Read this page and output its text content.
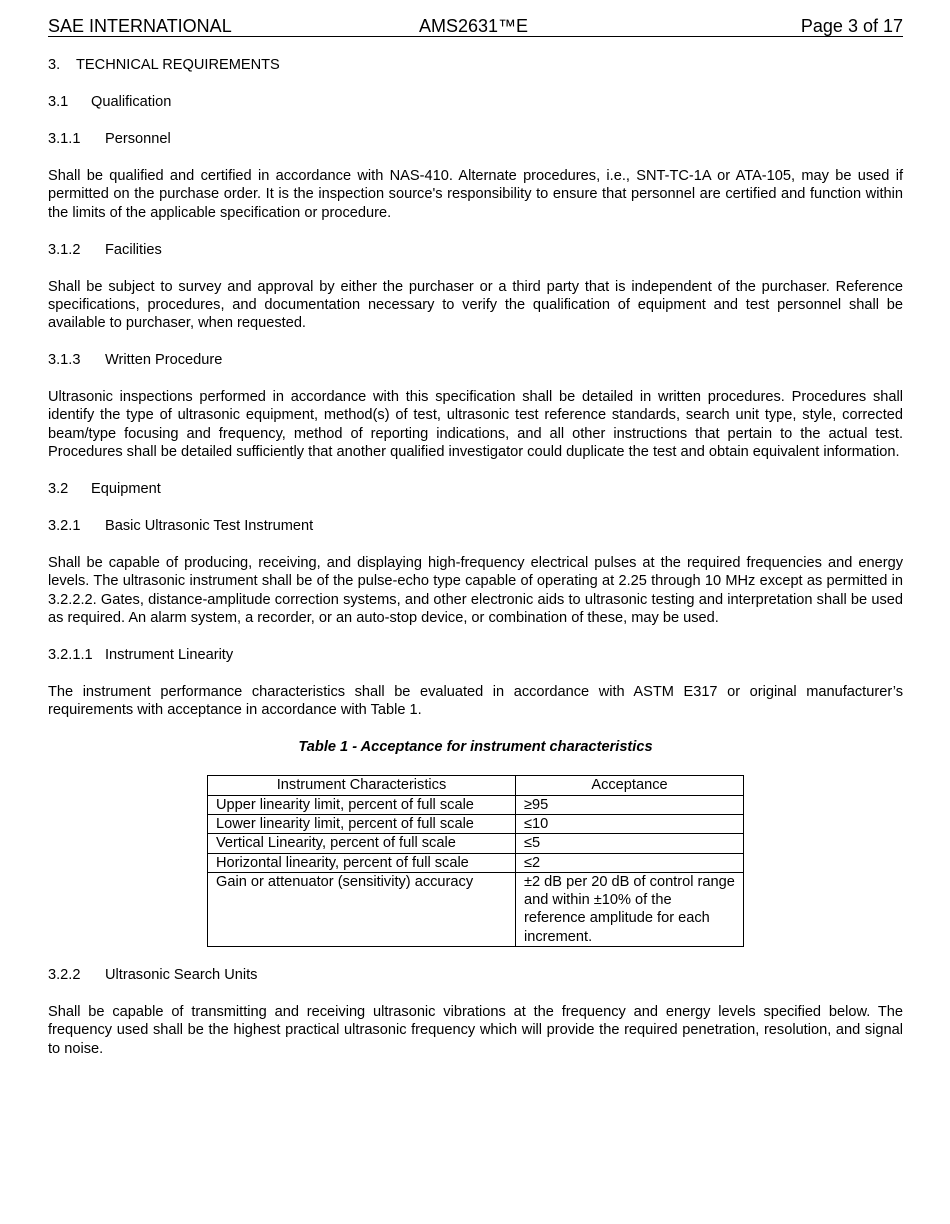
SAE INTERNATIONAL	AMS2631™E	Page 3 of 17
3. TECHNICAL REQUIREMENTS
3.1 Qualification
3.1.1 Personnel

Shall be qualified and certified in accordance with NAS-410. Alternate procedures, i.e., SNT-TC-1A or ATA-105, may be used if permitted on the purchase order. It is the inspection source's responsibility to ensure that personnel are certified and function within the limits of the applicable specification or procedure.

3.1.2 Facilities

Shall be subject to survey and approval by either the purchaser or a third party that is independent of the purchaser. Reference specifications, procedures, and documentation necessary to verify the qualification of equipment and test personnel shall be available to purchaser, when requested.

3.1.3 Written Procedure

Ultrasonic inspections performed in accordance with this specification shall be detailed in written procedures. Procedures shall identify the type of ultrasonic equipment, method(s) of test, ultrasonic test reference standards, search unit type, style, corrected beam/type focusing and frequency, method of reporting indications, and all other instructions that pertain to the actual test. Procedures shall be detailed sufficiently that another qualified investigator could duplicate the test and obtain equivalent information.

3.2 Equipment
3.2.1 Basic Ultrasonic Test Instrument

Shall be capable of producing, receiving, and displaying high-frequency electrical pulses at the required frequencies and energy levels. The ultrasonic instrument shall be of the pulse-echo type capable of operating at 2.25 through 10 MHz except as permitted in 3.2.2.2. Gates, distance-amplitude correction systems, and other electronic aids to ultrasonic testing and interpretation shall be used as required. An alarm system, a recorder, or an auto-stop device, or combination of these, may be used.

3.2.1.1 Instrument Linearity

The instrument performance characteristics shall be evaluated in accordance with ASTM E317 or original manufacturer’s requirements with acceptance in accordance with Table 1.

Table 1 - Acceptance for instrument characteristics
Instrument Characteristics	Acceptance
Upper linearity limit, percent of full scale	≥95
Lower linearity limit, percent of full scale	≤10
Vertical Linearity, percent of full scale	≤5
Horizontal linearity, percent of full scale	≤2
Gain or attenuator (sensitivity) accuracy	±2 dB per 20 dB of control range and within ±10% of the reference amplitude for each increment.
3.2.2 Ultrasonic Search Units

Shall be capable of transmitting and receiving ultrasonic vibrations at the frequency and energy levels specified below. The frequency used shall be the highest practical ultrasonic frequency which will provide the required penetration, resolution, and signal to noise.
